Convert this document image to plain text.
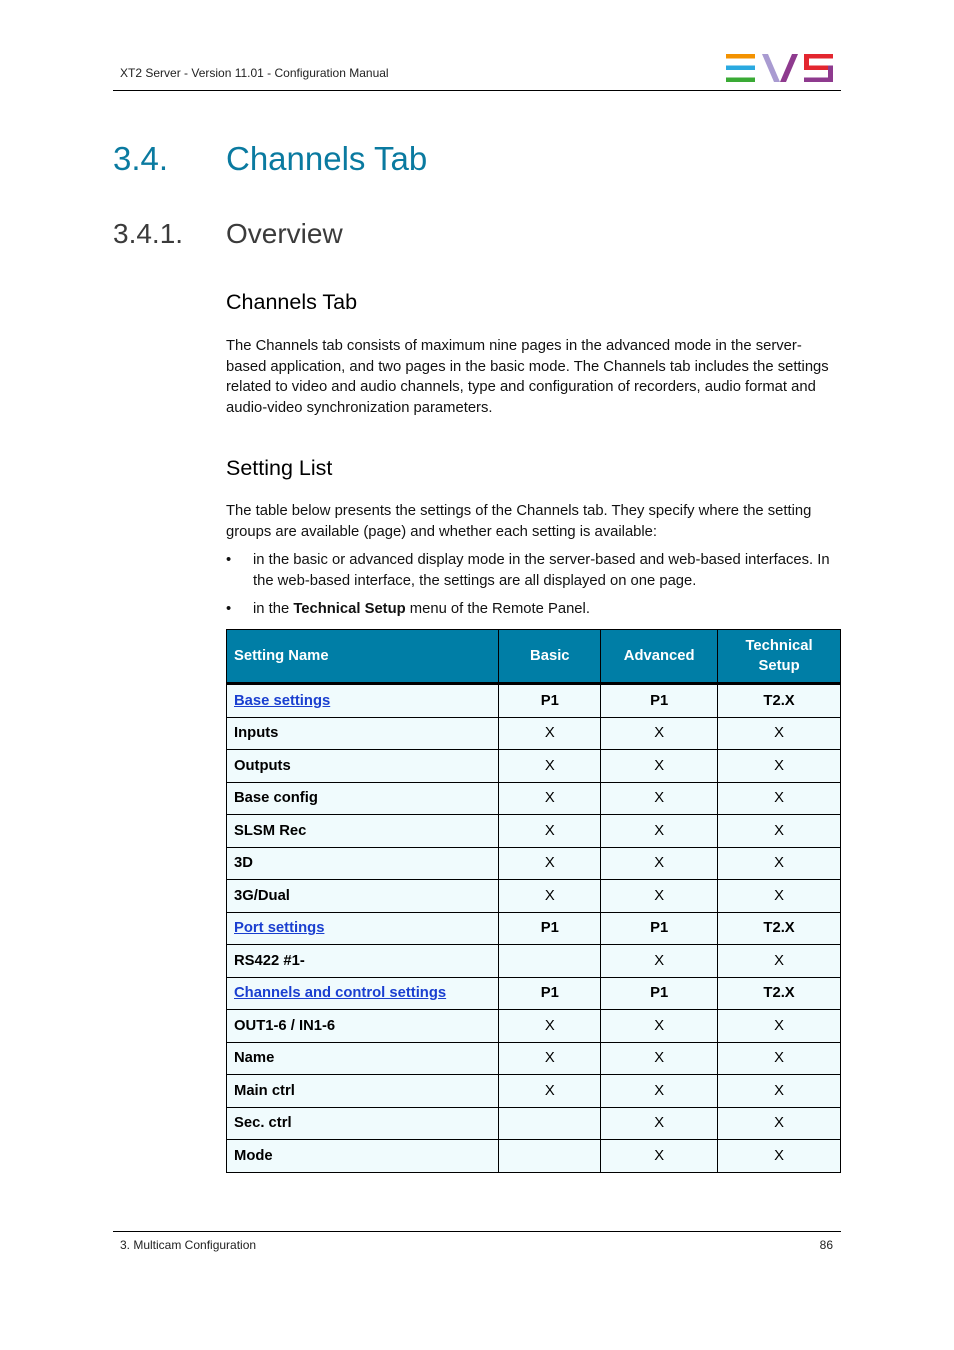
XT2 Server - Version 11.01 - Configuration Manual
3.4. Channels Tab
3.4.1. Overview
Channels Tab
The Channels tab consists of maximum nine pages in the advanced mode in the server-based application, and two pages in the basic mode. The Channels tab includes the settings related to video and audio channels, type and configuration of recorders, audio format and audio-video synchronization parameters.
Setting List
The table below presents the settings of the Channels tab. They specify where the setting groups are available (page) and whether each setting is available:
• in the basic or advanced display mode in the server-based and web-based interfaces. In the web-based interface, the settings are all displayed on one page.
• in the Technical Setup menu of the Remote Panel.
Setting Name	Basic	Advanced	Technical Setup
Base settings	P1	P1	T2.X
Inputs	X	X	X
Outputs	X	X	X
Base config	X	X	X
SLSM Rec	X	X	X
3D	X	X	X
3G/Dual	X	X	X
Port settings	P1	P1	T2.X
RS422 #1-		X	X
Channels and control settings	P1	P1	T2.X
OUT1-6 / IN1-6	X	X	X
Name	X	X	X
Main ctrl	X	X	X
Sec. ctrl		X	X
Mode		X	X
3. Multicam Configuration	86
